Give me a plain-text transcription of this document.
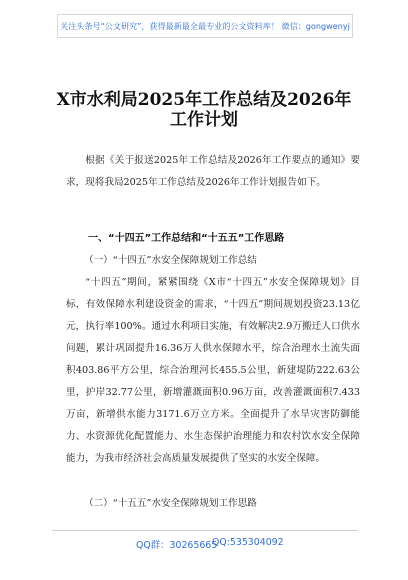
关注头条号“公文研究”，获得最新最全最专业的公文资料库！ 微信：gongwenyj
X市水利局2025年工作总结及2026年
工作计划
根据《关于报送2025年工作总结及2026年工作要点的通知》要求，现将我局2025年工作总结及2026年工作计划报告如下。
一、“十四五”工作总结和“十五五”工作思路
（一）“十四五”水安全保障规划工作总结
“十四五”期间，紧紧围绕《X市“十四五”水安全保障规划》目标，有效保障水利建设资金的需求，“十四五”期间规划投资23.13亿元，执行率100%。通过水利项目实施，有效解决2.9万搬迁人口供水问题，累计巩固提升16.36万人供水保障水平，综合治理水土流失面积403.86平方公里，综合治理河长455.5公里，新建堤防222.63公里，护岸32.77公里，新增灌溉面积0.96万亩，改善灌溉面积7.433万亩，新增供水能力3171.6万立方米。全面提升了水旱灾害防御能力、水资源优化配置能力、水生态保护治理能力和农村饮水安全保障能力，为我市经济社会高质量发展提供了坚实的水安全保障。
（二）“十五五”水安全保障规划工作思路
QQ群：30265665
QQ:535304092
